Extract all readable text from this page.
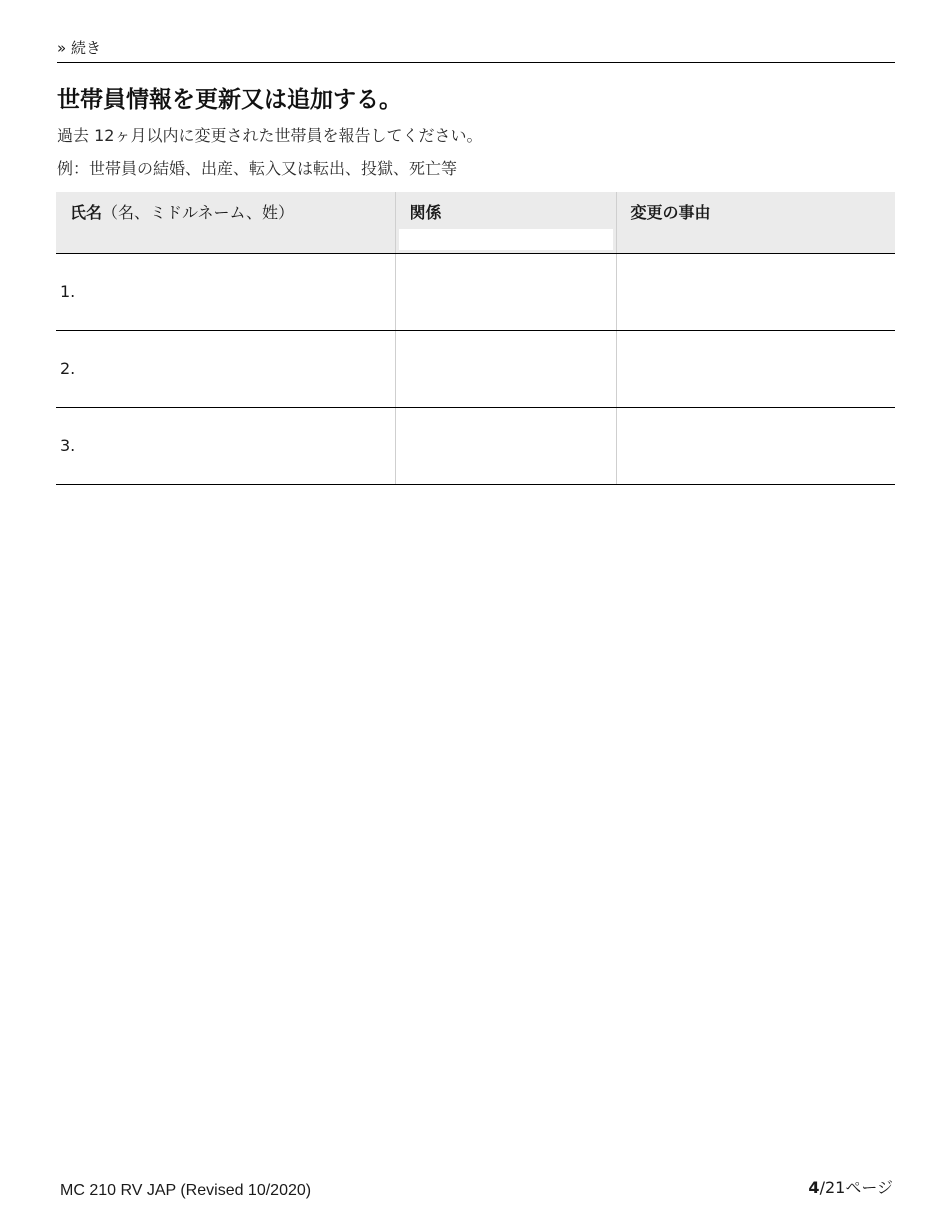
» 続き
世帯員情報を更新又は追加する。
過去 12ヶ月以内に変更された世帯員を報告してください。
例：世帯員の結婚、出産、転入又は転出、投獄、死亡等
氏名（名、ミドルネーム、姓）	関係	変更の事由
1.		
2.		
3.		
MC 210 RV JAP (Revised 10/2020)	4/21ページ
